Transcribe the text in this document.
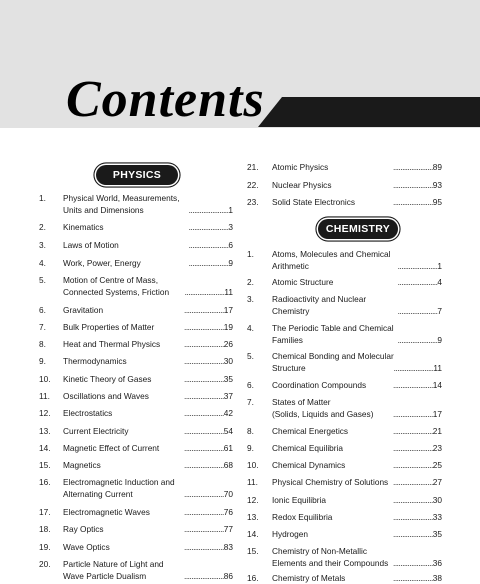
Contents
PHYSICS
1. Physical World, Measurements,
Units and Dimensions	......................1
2. Kinematics	......................3
3. Laws of Motion	......................6
4. Work, Power, Energy	......................9
5. Motion of Centre of Mass,
Connected Systems, Friction ......................11
6. Gravitation	......................17
7. Bulk Properties of Matter	......................19
8. Heat and Thermal Physics	......................26
9. Thermodynamics	......................30
10. Kinetic Theory of Gases	......................35
11. Oscillations and Waves	......................37
12. Electrostatics	......................42
13. Current Electricity	......................54
14. Magnetic Effect of Current	......................61
15. Magnetics	......................68
16. Electromagnetic Induction and
Alternating Current	......................70
17. Electromagnetic Waves	......................76
18. Ray Optics	......................77
19. Wave Optics	......................83
20. Particle Nature of Light and
Wave Particle Dualism	......................86
CHEMISTRY
21. Atomic Physics	......................89
22. Nuclear Physics	......................93
23. Solid State Electronics	......................95
1. Atoms, Molecules and Chemical
Arithmetic	......................1
2. Atomic Structure	......................4
3. Radioactivity and Nuclear
Chemistry	......................7
4. The Periodic Table and Chemical
Families	......................9
5. Chemical Bonding and Molecular
Structure	......................11
6. Coordination Compounds	......................14
7. States of Matter
(Solids, Liquids and Gases) ......................17
8. Chemical Energetics	......................21
9. Chemical Equilibria	......................23
10. Chemical Dynamics	......................25
11. Physical Chemistry of Solutions ......................27
12. Ionic Equilibria	......................30
13. Redox Equilibria	......................33
14. Hydrogen	......................35
15. Chemistry of Non-Metallic
Elements and their Compounds ......................36
16. Chemistry of Metals	......................38
